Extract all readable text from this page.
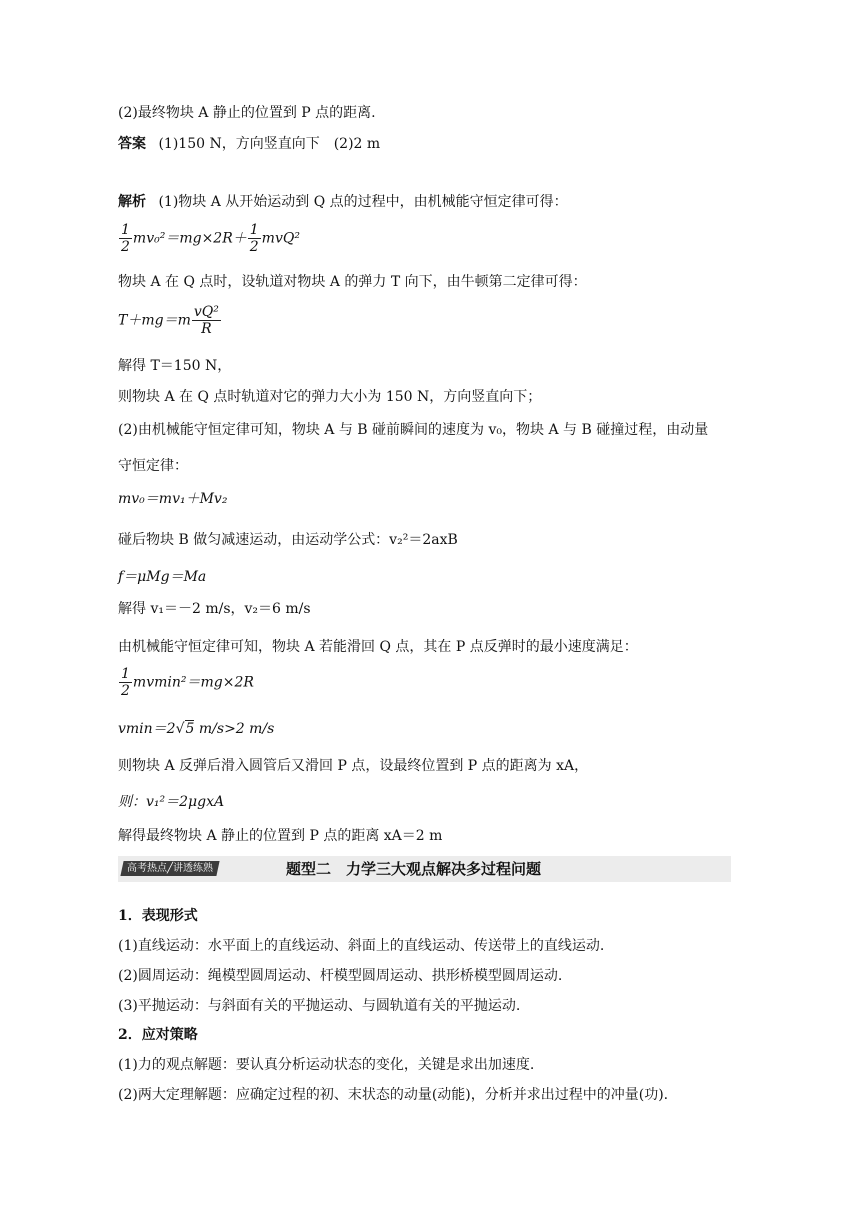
(2)最终物块 A 静止的位置到 P 点的距离.
答案 (1)150 N，方向竖直向下　(2)2 m
解析 (1)物块 A 从开始运动到 Q 点的过程中，由机械能守恒定律可得：
$\frac{1}{2} mv_0^2=mg\times 2R+ \frac{1}{2} mvQ^2$
物块 A 在 Q 点时，设轨道对物块 A 的弹力 T 向下，由牛顿第二定律可得：
$T+mg=m \frac{\text{vQ²}}{R}$
解得 T＝150 N，
则物块 A 在 Q 点时轨道对它的弹力大小为 150 N，方向竖直向下；
(2)由机械能守恒定律可知，物块 A 与 B 碰前瞬间的速度为 v₀，物块 A 与 B 碰撞过程，由动量
守恒定律：
mv₀＝mv₁＋Mv₂
碰后物块 B 做匀减速运动，由运动学公式：v₂²＝2axB
f＝μMg＝Ma
解得 v₁＝－2 m/s，v₂＝6 m/s
由机械能守恒定律可知，物块 A 若能滑回 Q 点，其在 P 点反弹时的最小速度满足：
$\frac{1}{2} mvmin^2=mg\times 2R$
vmin＝2√5 m/s>2 m/s
则物块 A 反弹后滑入圆管后又滑回 P 点，设最终位置到 P 点的距离为 xA，
则：v₁²＝2μgxA
解得最终物块 A 静止的位置到 P 点的距离 xA＝2 m
高考热点╱讲透练熟	题型二　力学三大观点解决多过程问题
1．表现形式
(1)直线运动：水平面上的直线运动、斜面上的直线运动、传送带上的直线运动.
(2)圆周运动：绳模型圆周运动、杆模型圆周运动、拱形桥模型圆周运动.
(3)平抛运动：与斜面有关的平抛运动、与圆轨道有关的平抛运动.
2．应对策略
(1)力的观点解题：要认真分析运动状态的变化，关键是求出加速度.
(2)两大定理解题：应确定过程的初、末状态的动量(动能)，分析并求出过程中的冲量(功).
